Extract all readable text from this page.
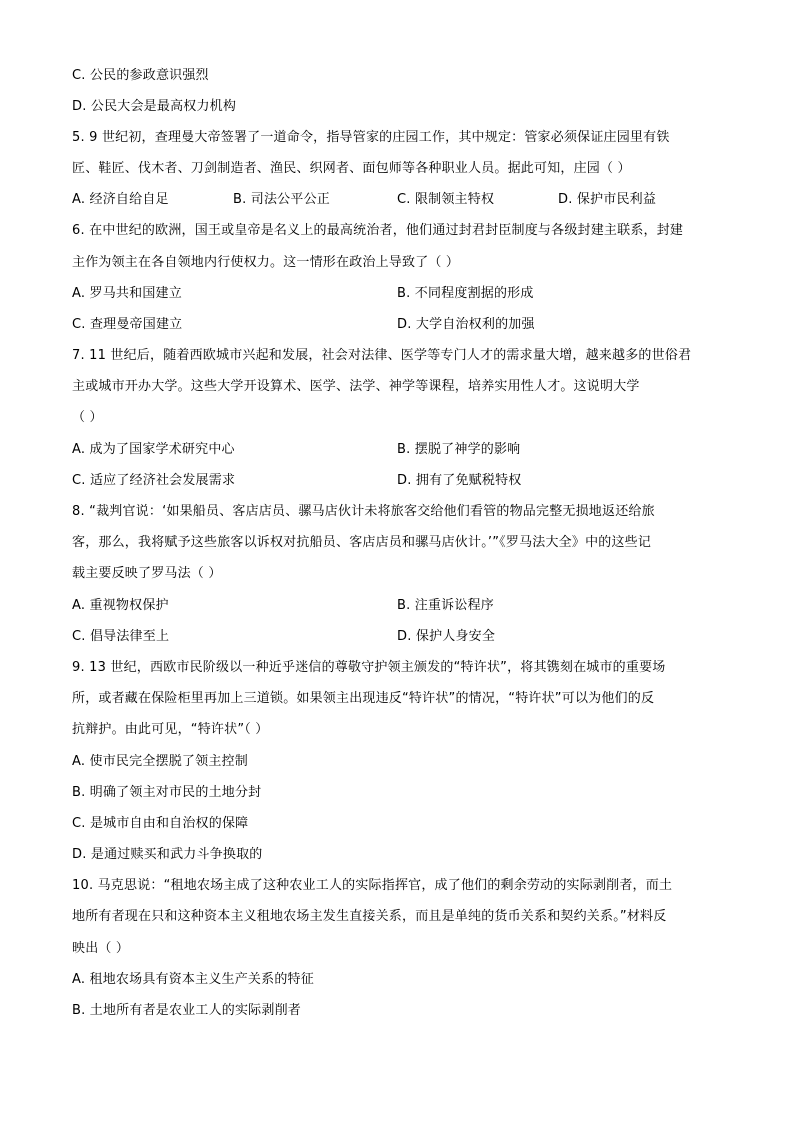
C. 公民的参政意识强烈
D. 公民大会是最高权力机构
5. 9 世纪初，查理曼大帝签署了一道命令，指导管家的庄园工作，其中规定：管家必须保证庄园里有铁
匠、鞋匠、伐木者、刀剑制造者、渔民、织网者、面包师等各种职业人员。据此可知，庄园（ ）
A. 经济自给自足	B. 司法公平公正	C. 限制领主特权	D. 保护市民利益
6. 在中世纪的欧洲，国王或皇帝是名义上的最高统治者，他们通过封君封臣制度与各级封建主联系，封建
主作为领主在各自领地内行使权力。这一情形在政治上导致了（ ）
A. 罗马共和国建立	B. 不同程度割据的形成
C. 查理曼帝国建立	D. 大学自治权利的加强
7. 11 世纪后，随着西欧城市兴起和发展，社会对法律、医学等专门人才的需求量大增，越来越多的世俗君
主或城市开办大学。这些大学开设算术、医学、法学、神学等课程，培养实用性人才。这说明大学
（ ）
A. 成为了国家学术研究中心	B. 摆脱了神学的影响
C. 适应了经济社会发展需求	D. 拥有了免赋税特权
8. “裁判官说：‘如果船员、客店店员、骡马店伙计未将旅客交给他们看管的物品完整无损地返还给旅
客，那么，我将赋予这些旅客以诉权对抗船员、客店店员和骡马店伙计。’”《罗马法大全》中的这些记
载主要反映了罗马法（ ）
A. 重视物权保护	B. 注重诉讼程序
C. 倡导法律至上	D. 保护人身安全
9. 13 世纪，西欧市民阶级以一种近乎迷信的尊敬守护领主颁发的“特许状”，将其镌刻在城市的重要场
所，或者藏在保险柜里再加上三道锁。如果领主出现违反“特许状”的情况，“特许状”可以为他们的反
抗辩护。由此可见，“特许状”（ ）
A. 使市民完全摆脱了领主控制
B. 明确了领主对市民的土地分封
C. 是城市自由和自治权的保障
D. 是通过赎买和武力斗争换取的
10. 马克思说：“租地农场主成了这种农业工人的实际指挥官，成了他们的剩余劳动的实际剥削者，而土
地所有者现在只和这种资本主义租地农场主发生直接关系，而且是单纯的货币关系和契约关系。”材料反
映出（ ）
A. 租地农场具有资本主义生产关系的特征
B. 土地所有者是农业工人的实际剥削者
